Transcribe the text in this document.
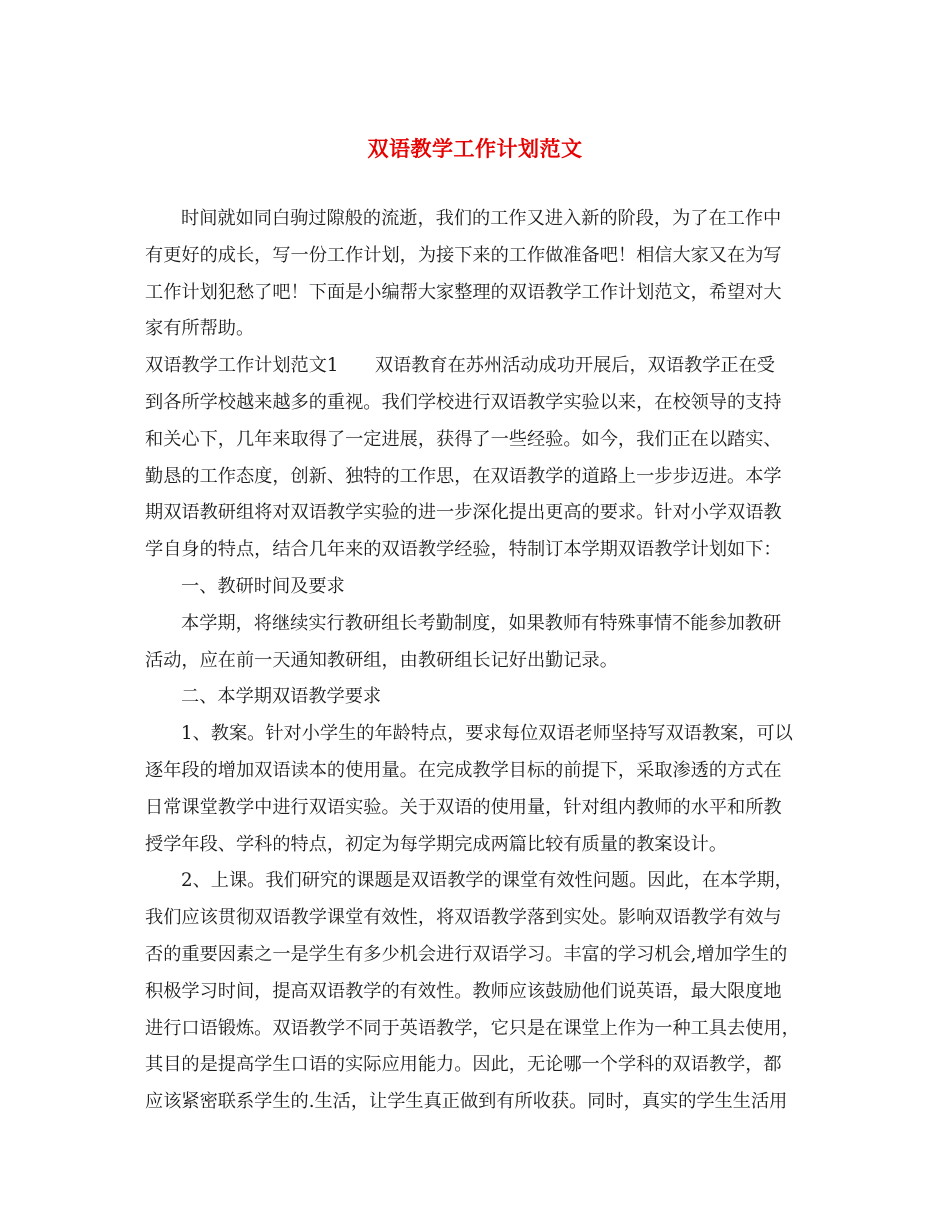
双语教学工作计划范文
时间就如同白驹过隙般的流逝，我们的工作又进入新的阶段，为了在工作中
有更好的成长，写一份工作计划，为接下来的工作做准备吧！相信大家又在为写
工作计划犯愁了吧！下面是小编帮大家整理的双语教学工作计划范文，希望对大
家有所帮助。
双语教学工作计划范文1　　双语教育在苏州活动成功开展后，双语教学正在受
到各所学校越来越多的重视。我们学校进行双语教学实验以来，在校领导的支持
和关心下，几年来取得了一定进展，获得了一些经验。如今，我们正在以踏实、
勤恳的工作态度，创新、独特的工作思，在双语教学的道路上一步步迈进。本学
期双语教研组将对双语教学实验的进一步深化提出更高的要求。针对小学双语教
学自身的特点，结合几年来的双语教学经验，特制订本学期双语教学计划如下：
一、教研时间及要求
本学期，将继续实行教研组长考勤制度，如果教师有特殊事情不能参加教研
活动，应在前一天通知教研组，由教研组长记好出勤记录。
二、本学期双语教学要求
1、教案。针对小学生的年龄特点，要求每位双语老师坚持写双语教案，可以
逐年段的增加双语读本的使用量。在完成教学目标的前提下，采取渗透的方式在
日常课堂教学中进行双语实验。关于双语的使用量，针对组内教师的水平和所教
授学年段、学科的特点，初定为每学期完成两篇比较有质量的教案设计。
2、上课。我们研究的课题是双语教学的课堂有效性问题。因此，在本学期，
我们应该贯彻双语教学课堂有效性，将双语教学落到实处。影响双语教学有效与
否的重要因素之一是学生有多少机会进行双语学习。丰富的学习机会,增加学生的
积极学习时间，提高双语教学的有效性。教师应该鼓励他们说英语，最大限度地
进行口语锻炼。双语教学不同于英语教学，它只是在课堂上作为一种工具去使用，
其目的是提高学生口语的实际应用能力。因此，无论哪一个学科的双语教学，都
应该紧密联系学生的.生活，让学生真正做到有所收获。同时，真实的学生生活用
